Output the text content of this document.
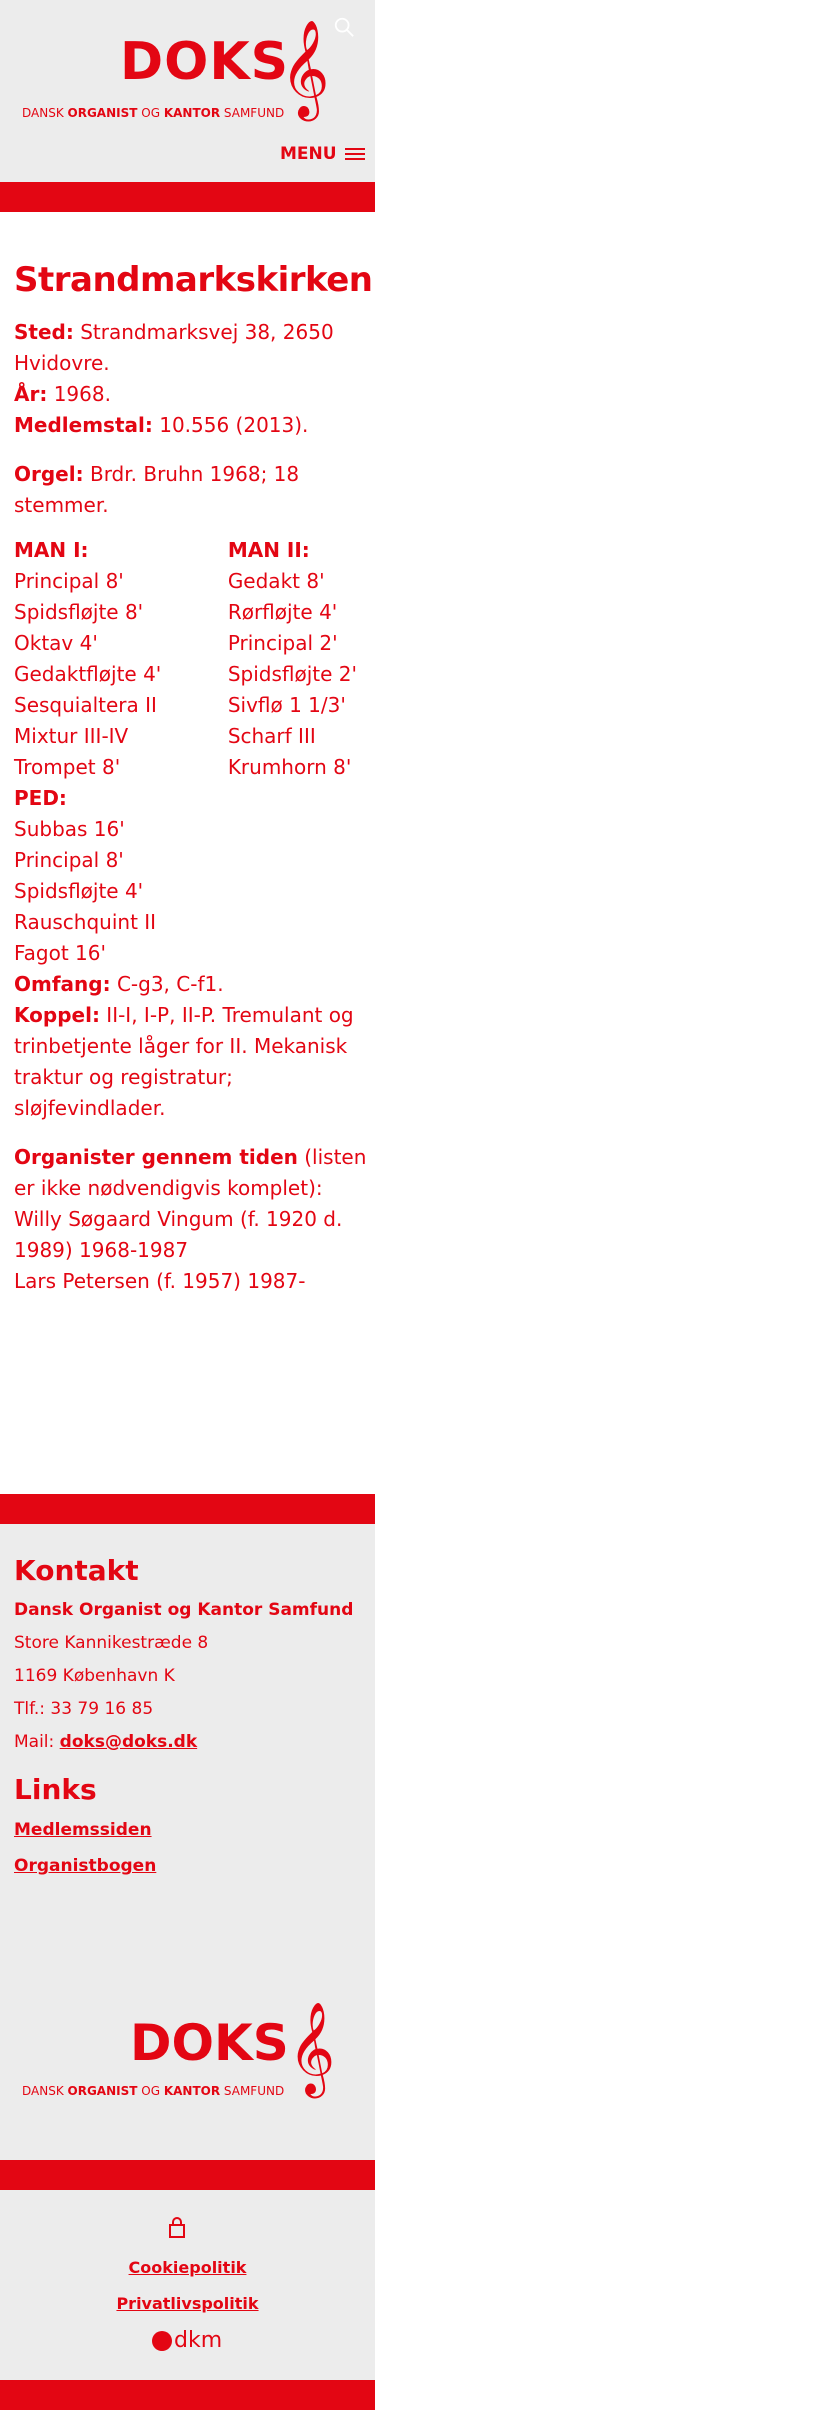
DOKS
𝄞
DANSK ORGANIST OG KANTOR SAMFUND
MENU
Strandmarkskirken

Sted: Strandmarksvej 38, 2650 Hvidovre.

År: 1968.

Medlemstal: 10.556 (2013).

Orgel: Brdr. Bruhn 1968; 18 stemmer.

MAN I:

Principal 8'

Spidsfløjte 8'

Oktav 4'

Gedaktfløjte 4'

Sesquialtera II

Mixtur III-IV

Trompet 8'

MAN II:

Gedakt 8'

Rørfløjte 4'

Principal 2'

Spidsfløjte 2'

Sivflø 1 1/3'

Scharf III

Krumhorn 8'

PED:

Subbas 16'

Principal 8'

Spidsfløjte 4'

Rauschquint II

Fagot 16'

Omfang: C-g3, C-f1.

Koppel: II-I, I-P, II-P. Tremulant og trinbetjente låger for II. Mekanisk traktur og registratur; sløjfevindlader.

Organister gennem tiden (listen er ikke nødvendigvis komplet):

Willy Søgaard Vingum (f. 1920 d. 1989) 1968-1987

Lars Petersen (f. 1957) 1987-

Kontakt

Dansk Organist og Kantor Samfund

Store Kannikestræde 8

1169 København K

Tlf.: 33 79 16 85

Mail: doks@doks.dk

Links
Medlemssiden
Organistbogen
DOKS 𝄞
DANSK ORGANIST OG KANTOR SAMFUND
Cookiepolitik
Privatlivspolitik
dkm
